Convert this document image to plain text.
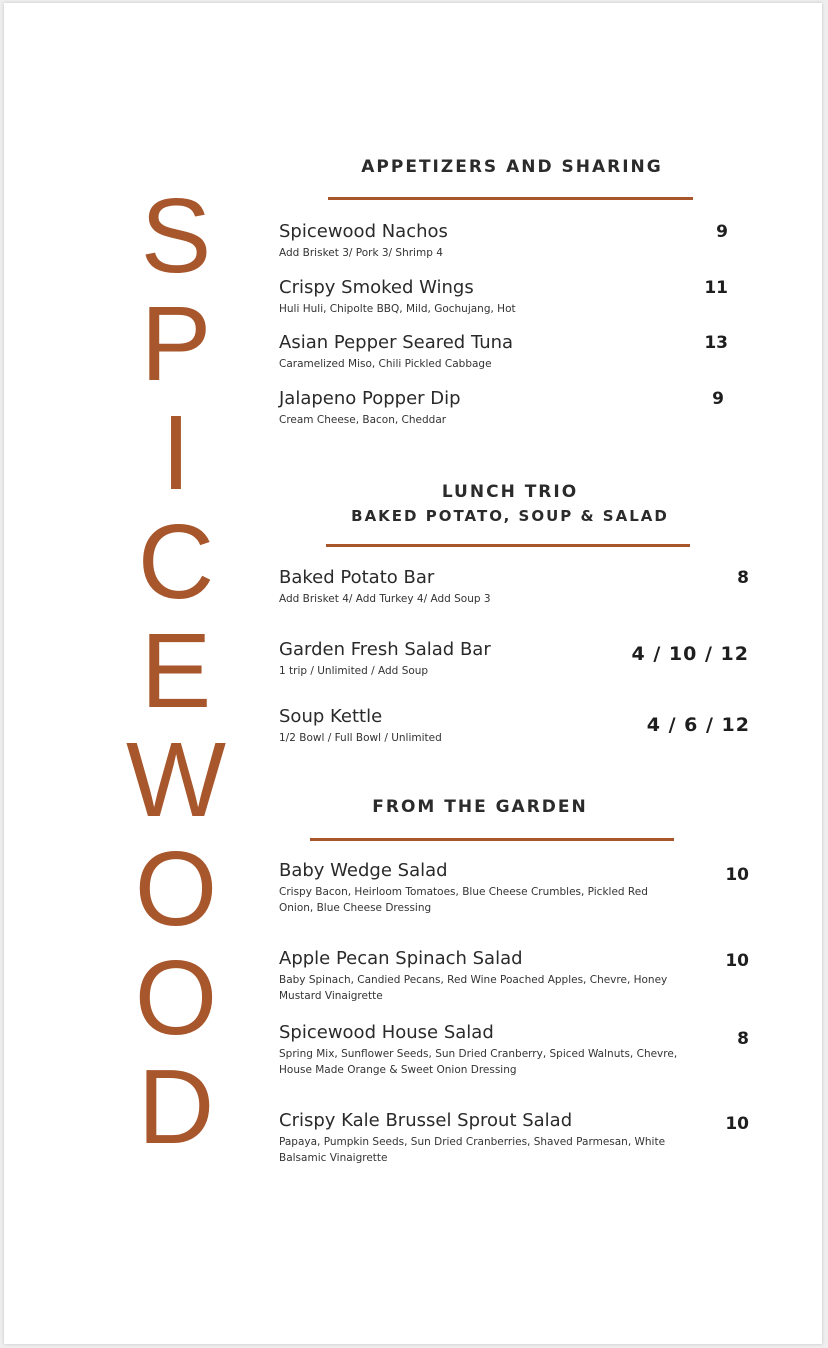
S
P
I
C
E
W
O
O
D
APPETIZERS AND SHARING
Spicewood Nachos
Add Brisket 3/ Pork 3/ Shrimp 4
9
Crispy Smoked Wings
Huli Huli, Chipolte BBQ, Mild, Gochujang, Hot
11
Asian Pepper Seared Tuna
Caramelized Miso, Chili Pickled Cabbage
13
Jalapeno Popper Dip
Cream Cheese, Bacon, Cheddar
9
LUNCH TRIO
BAKED POTATO, SOUP & SALAD
Baked Potato Bar
Add Brisket 4/ Add Turkey 4/ Add Soup 3
8
Garden Fresh Salad Bar
1 trip / Unlimited / Add Soup
4 / 10 / 12
Soup Kettle
1/2 Bowl / Full Bowl / Unlimited
4 / 6 / 12
FROM THE GARDEN
Baby Wedge Salad
Crispy Bacon, Heirloom Tomatoes, Blue Cheese Crumbles, Pickled Red Onion, Blue Cheese Dressing
10
Apple Pecan Spinach Salad
Baby Spinach, Candied Pecans, Red Wine Poached Apples, Chevre, Honey Mustard Vinaigrette
10
Spicewood House Salad
Spring Mix, Sunflower Seeds, Sun Dried Cranberry, Spiced Walnuts, Chevre, House Made Orange & Sweet Onion Dressing
8
Crispy Kale Brussel Sprout Salad
Papaya, Pumpkin Seeds, Sun Dried Cranberries, Shaved Parmesan, White Balsamic Vinaigrette
10
